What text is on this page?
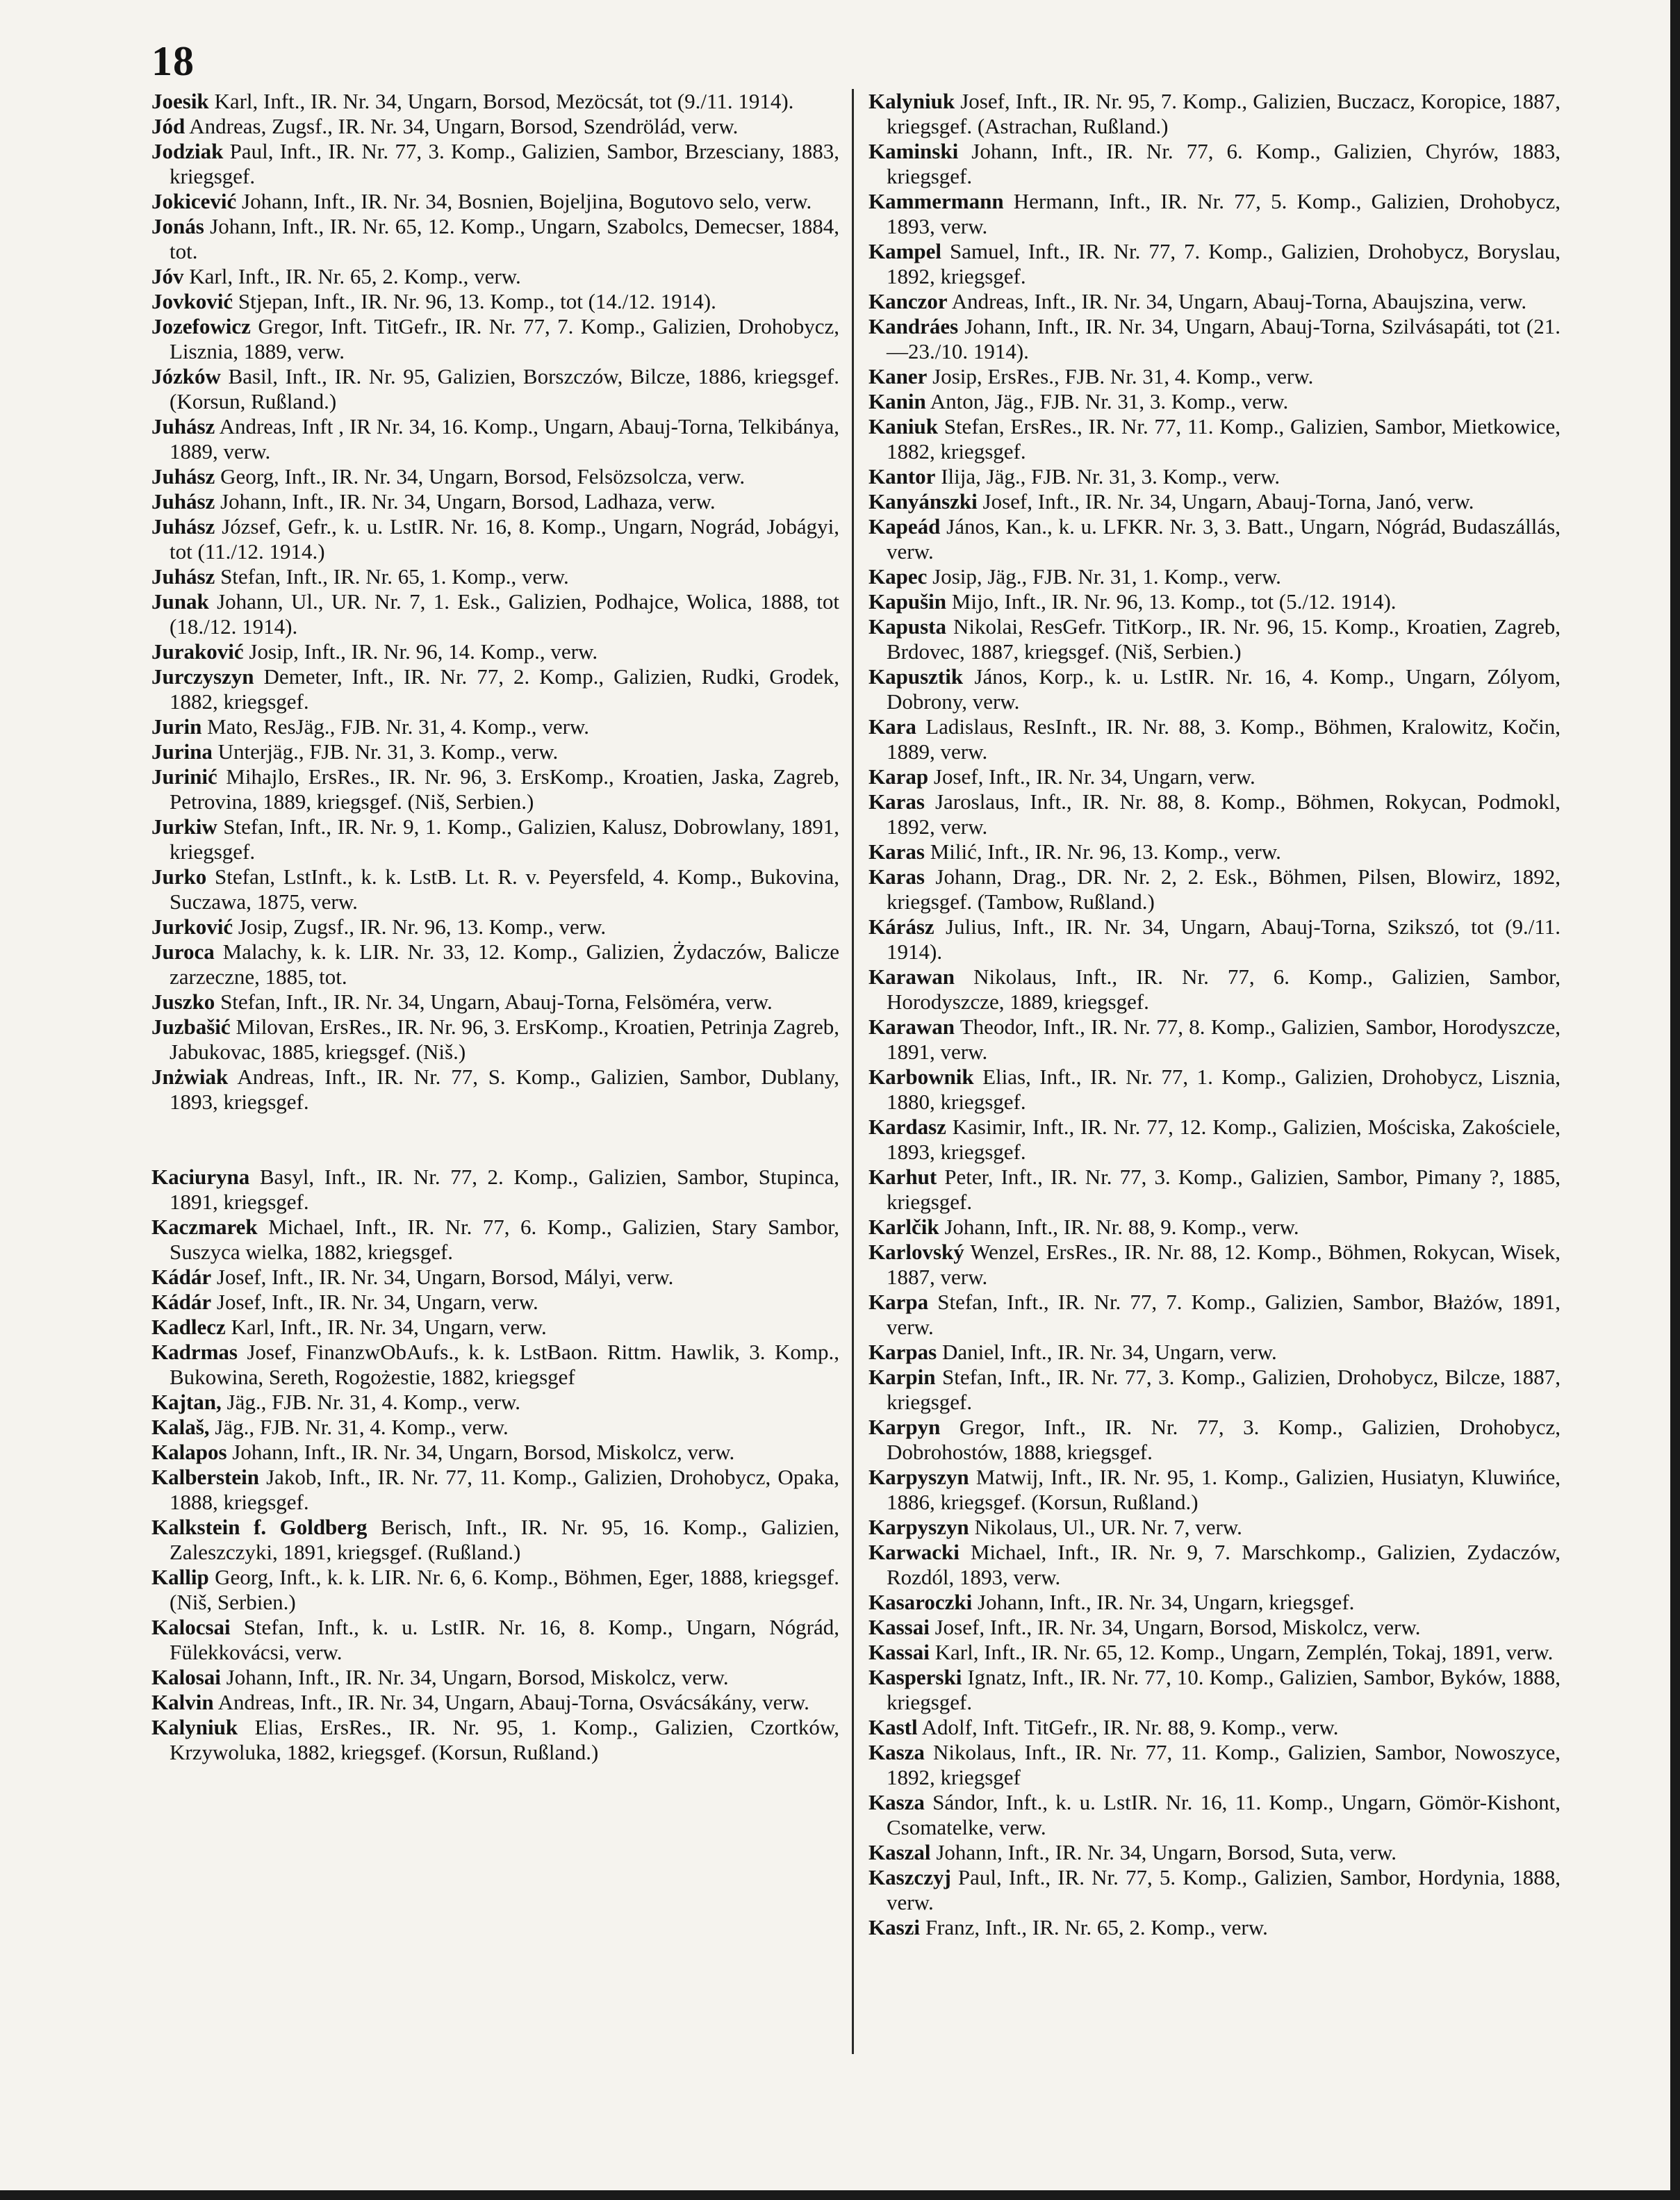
18

Joesik Karl, Inft., IR. Nr. 34, Ungarn, Borsod, Mezöcsát, tot (9./11. 1914).

Jód Andreas, Zugsf., IR. Nr. 34, Ungarn, Borsod, Szendrölád, verw.

Jodziak Paul, Inft., IR. Nr. 77, 3. Komp., Galizien, Sambor, Brzesciany, 1883, kriegsgef.

Jokicević Johann, Inft., IR. Nr. 34, Bosnien, Bojeljina, Bogutovo selo, verw.

Jonás Johann, Inft., IR. Nr. 65, 12. Komp., Ungarn, Szabolcs, Demecser, 1884, tot.

Jóv Karl, Inft., IR. Nr. 65, 2. Komp., verw.

Jovković Stjepan, Inft., IR. Nr. 96, 13. Komp., tot (14./12. 1914).

Jozefowicz Gregor, Inft. TitGefr., IR. Nr. 77, 7. Komp., Galizien, Drohobycz, Lisznia, 1889, verw.

Józków Basil, Inft., IR. Nr. 95, Galizien, Borszczów, Bilcze, 1886, kriegsgef. (Korsun, Rußland.)

Juhász Andreas, Inft , IR Nr. 34, 16. Komp., Ungarn, Abauj-Torna, Telkibánya, 1889, verw.

Juhász Georg, Inft., IR. Nr. 34, Ungarn, Borsod, Felsözsolcza, verw.

Juhász Johann, Inft., IR. Nr. 34, Ungarn, Borsod, Ladhaza, verw.

Juhász József, Gefr., k. u. LstIR. Nr. 16, 8. Komp., Ungarn, Nográd, Jobágyi, tot (11./12. 1914.)

Juhász Stefan, Inft., IR. Nr. 65, 1. Komp., verw.

Junak Johann, Ul., UR. Nr. 7, 1. Esk., Galizien, Podhajce, Wolica, 1888, tot (18./12. 1914).

Juraković Josip, Inft., IR. Nr. 96, 14. Komp., verw.

Jurczyszyn Demeter, Inft., IR. Nr. 77, 2. Komp., Galizien, Rudki, Grodek, 1882, kriegsgef.

Jurin Mato, ResJäg., FJB. Nr. 31, 4. Komp., verw.

Jurina Unterjäg., FJB. Nr. 31, 3. Komp., verw.

Jurinić Mihajlo, ErsRes., IR. Nr. 96, 3. ErsKomp., Kroatien, Jaska, Zagreb, Petrovina, 1889, kriegsgef. (Niš, Serbien.)

Jurkiw Stefan, Inft., IR. Nr. 9, 1. Komp., Galizien, Kalusz, Dobrowlany, 1891, kriegsgef.

Jurko Stefan, LstInft., k. k. LstB. Lt. R. v. Peyersfeld, 4. Komp., Bukovina, Suczawa, 1875, verw.

Jurković Josip, Zugsf., IR. Nr. 96, 13. Komp., verw.

Juroca Malachy, k. k. LIR. Nr. 33, 12. Komp., Galizien, Żydaczów, Balicze zarzeczne, 1885, tot.

Juszko Stefan, Inft., IR. Nr. 34, Ungarn, Abauj-Torna, Felsöméra, verw.

Juzbašić Milovan, ErsRes., IR. Nr. 96, 3. ErsKomp., Kroatien, Petrinja Zagreb, Jabukovac, 1885, kriegsgef. (Niš.)

Jnżwiak Andreas, Inft., IR. Nr. 77, S. Komp., Galizien, Sambor, Dublany, 1893, kriegsgef.

Kaciuryna Basyl, Inft., IR. Nr. 77, 2. Komp., Galizien, Sambor, Stupinca, 1891, kriegsgef.

Kaczmarek Michael, Inft., IR. Nr. 77, 6. Komp., Galizien, Stary Sambor, Suszyca wielka, 1882, kriegsgef.

Kádár Josef, Inft., IR. Nr. 34, Ungarn, Borsod, Mályi, verw.

Kádár Josef, Inft., IR. Nr. 34, Ungarn, verw.

Kadlecz Karl, Inft., IR. Nr. 34, Ungarn, verw.

Kadrmas Josef, FinanzwObAufs., k. k. LstBaon. Rittm. Hawlik, 3. Komp., Bukowina, Sereth, Rogożestie, 1882, kriegsgef

Kajtan, Jäg., FJB. Nr. 31, 4. Komp., verw.

Kalaš, Jäg., FJB. Nr. 31, 4. Komp., verw.

Kalapos Johann, Inft., IR. Nr. 34, Ungarn, Borsod, Miskolcz, verw.

Kalberstein Jakob, Inft., IR. Nr. 77, 11. Komp., Galizien, Drohobycz, Opaka, 1888, kriegsgef.

Kalkstein f. Goldberg Berisch, Inft., IR. Nr. 95, 16. Komp., Galizien, Zaleszczyki, 1891, kriegsgef. (Rußland.)

Kallip Georg, Inft., k. k. LIR. Nr. 6, 6. Komp., Böhmen, Eger, 1888, kriegsgef. (Niš, Serbien.)

Kalocsai Stefan, Inft., k. u. LstIR. Nr. 16, 8. Komp., Ungarn, Nógrád, Fülekkovácsi, verw.

Kalosai Johann, Inft., IR. Nr. 34, Ungarn, Borsod, Miskolcz, verw.

Kalvin Andreas, Inft., IR. Nr. 34, Ungarn, Abauj-Torna, Osvácsákány, verw.

Kalyniuk Elias, ErsRes., IR. Nr. 95, 1. Komp., Galizien, Czortków, Krzywoluka, 1882, kriegsgef. (Korsun, Rußland.)

Kalyniuk Josef, Inft., IR. Nr. 95, 7. Komp., Galizien, Buczacz, Koropice, 1887, kriegsgef. (Astrachan, Rußland.)

Kaminski Johann, Inft., IR. Nr. 77, 6. Komp., Galizien, Chyrów, 1883, kriegsgef.

Kammermann Hermann, Inft., IR. Nr. 77, 5. Komp., Galizien, Drohobycz, 1893, verw.

Kampel Samuel, Inft., IR. Nr. 77, 7. Komp., Galizien, Drohobycz, Boryslau, 1892, kriegsgef.

Kanczor Andreas, Inft., IR. Nr. 34, Ungarn, Abauj-Torna, Abaujszina, verw.

Kandráes Johann, Inft., IR. Nr. 34, Ungarn, Abauj-Torna, Szilvásapáti, tot (21.—23./10. 1914).

Kaner Josip, ErsRes., FJB. Nr. 31, 4. Komp., verw.

Kanin Anton, Jäg., FJB. Nr. 31, 3. Komp., verw.

Kaniuk Stefan, ErsRes., IR. Nr. 77, 11. Komp., Galizien, Sambor, Mietkowice, 1882, kriegsgef.

Kantor Ilija, Jäg., FJB. Nr. 31, 3. Komp., verw.

Kanyánszki Josef, Inft., IR. Nr. 34, Ungarn, Abauj-Torna, Janó, verw.

Kapeád János, Kan., k. u. LFKR. Nr. 3, 3. Batt., Ungarn, Nógrád, Budaszállás, verw.

Kapec Josip, Jäg., FJB. Nr. 31, 1. Komp., verw.

Kapušin Mijo, Inft., IR. Nr. 96, 13. Komp., tot (5./12. 1914).

Kapusta Nikolai, ResGefr. TitKorp., IR. Nr. 96, 15. Komp., Kroatien, Zagreb, Brdovec, 1887, kriegsgef. (Niš, Serbien.)

Kapusztik János, Korp., k. u. LstIR. Nr. 16, 4. Komp., Ungarn, Zólyom, Dobrony, verw.

Kara Ladislaus, ResInft., IR. Nr. 88, 3. Komp., Böhmen, Kralowitz, Kočin, 1889, verw.

Karap Josef, Inft., IR. Nr. 34, Ungarn, verw.

Karas Jaroslaus, Inft., IR. Nr. 88, 8. Komp., Böhmen, Rokycan, Podmokl, 1892, verw.

Karas Milić, Inft., IR. Nr. 96, 13. Komp., verw.

Karas Johann, Drag., DR. Nr. 2, 2. Esk., Böhmen, Pilsen, Blowirz, 1892, kriegsgef. (Tambow, Rußland.)

Kárász Julius, Inft., IR. Nr. 34, Ungarn, Abauj-Torna, Szikszó, tot (9./11. 1914).

Karawan Nikolaus, Inft., IR. Nr. 77, 6. Komp., Galizien, Sambor, Horodyszcze, 1889, kriegsgef.

Karawan Theodor, Inft., IR. Nr. 77, 8. Komp., Galizien, Sambor, Horodyszcze, 1891, verw.

Karbownik Elias, Inft., IR. Nr. 77, 1. Komp., Galizien, Drohobycz, Lisznia, 1880, kriegsgef.

Kardasz Kasimir, Inft., IR. Nr. 77, 12. Komp., Galizien, Mościska, Zakościele, 1893, kriegsgef.

Karhut Peter, Inft., IR. Nr. 77, 3. Komp., Galizien, Sambor, Pimany ?, 1885, kriegsgef.

Karlčik Johann, Inft., IR. Nr. 88, 9. Komp., verw.

Karlovský Wenzel, ErsRes., IR. Nr. 88, 12. Komp., Böhmen, Rokycan, Wisek, 1887, verw.

Karpa Stefan, Inft., IR. Nr. 77, 7. Komp., Galizien, Sambor, Błażów, 1891, verw.

Karpas Daniel, Inft., IR. Nr. 34, Ungarn, verw.

Karpin Stefan, Inft., IR. Nr. 77, 3. Komp., Galizien, Drohobycz, Bilcze, 1887, kriegsgef.

Karpyn Gregor, Inft., IR. Nr. 77, 3. Komp., Galizien, Drohobycz, Dobrohostów, 1888, kriegsgef.

Karpyszyn Matwij, Inft., IR. Nr. 95, 1. Komp., Galizien, Husiatyn, Kluwińce, 1886, kriegsgef. (Korsun, Rußland.)

Karpyszyn Nikolaus, Ul., UR. Nr. 7, verw.

Karwacki Michael, Inft., IR. Nr. 9, 7. Marschkomp., Galizien, Zydaczów, Rozdól, 1893, verw.

Kasaroczki Johann, Inft., IR. Nr. 34, Ungarn, kriegsgef.

Kassai Josef, Inft., IR. Nr. 34, Ungarn, Borsod, Miskolcz, verw.

Kassai Karl, Inft., IR. Nr. 65, 12. Komp., Ungarn, Zemplén, Tokaj, 1891, verw.

Kasperski Ignatz, Inft., IR. Nr. 77, 10. Komp., Galizien, Sambor, Byków, 1888, kriegsgef.

Kastl Adolf, Inft. TitGefr., IR. Nr. 88, 9. Komp., verw.

Kasza Nikolaus, Inft., IR. Nr. 77, 11. Komp., Galizien, Sambor, Nowoszyce, 1892, kriegsgef

Kasza Sándor, Inft., k. u. LstIR. Nr. 16, 11. Komp., Ungarn, Gömör-Kishont, Csomatelke, verw.

Kaszal Johann, Inft., IR. Nr. 34, Ungarn, Borsod, Suta, verw.

Kaszczyj Paul, Inft., IR. Nr. 77, 5. Komp., Galizien, Sambor, Hordynia, 1888, verw.

Kaszi Franz, Inft., IR. Nr. 65, 2. Komp., verw.
